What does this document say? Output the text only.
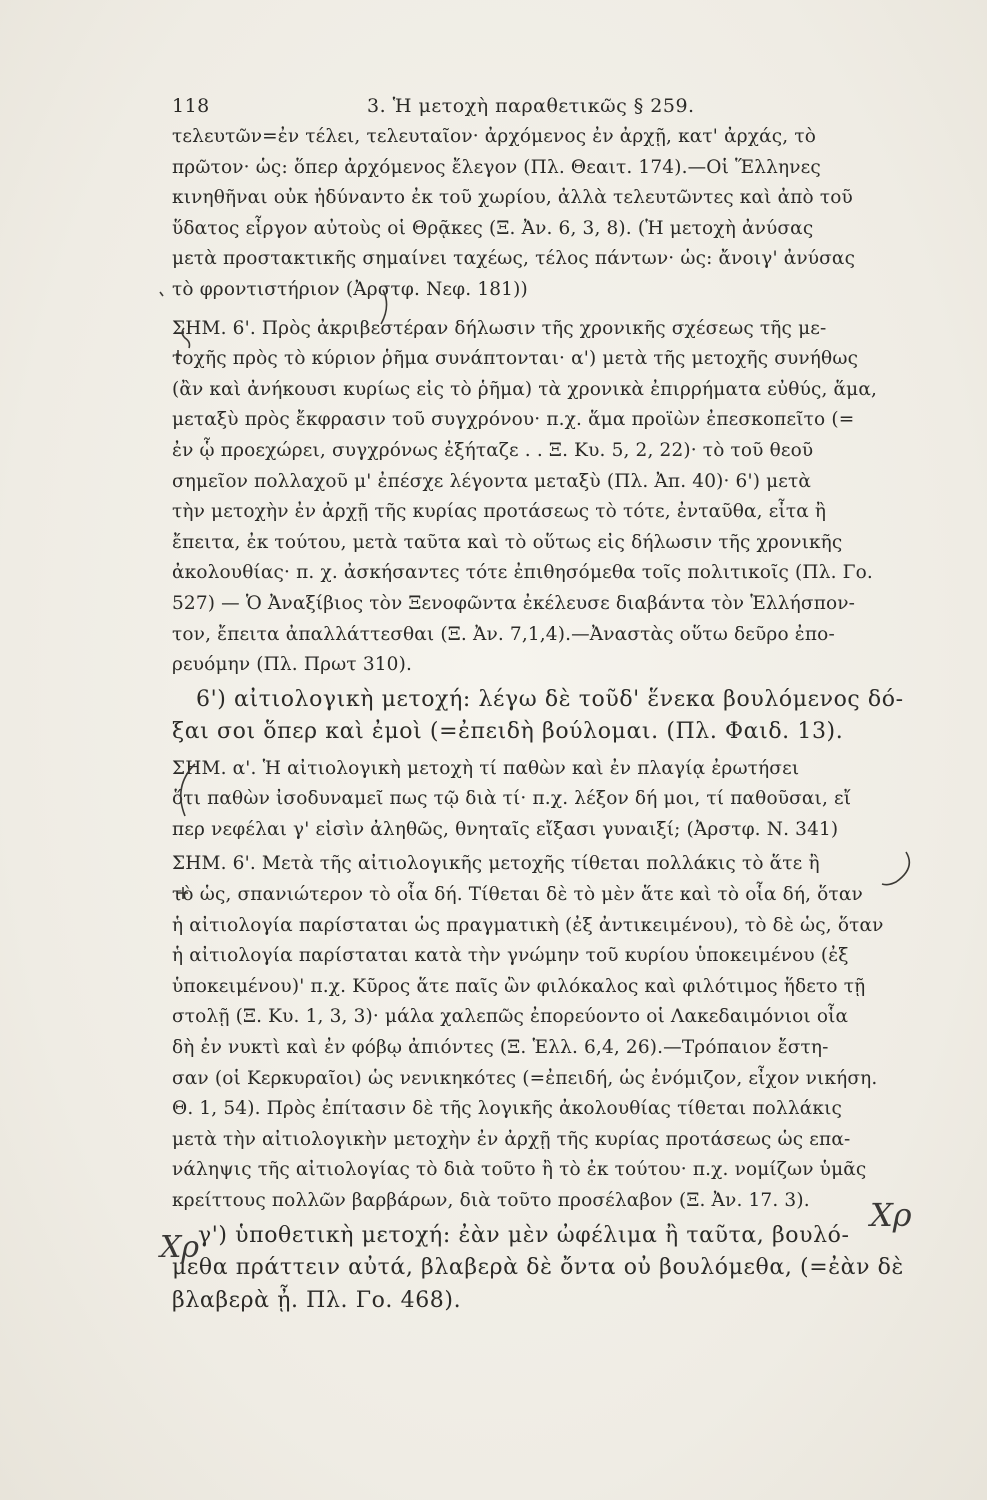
118	3. Ἡ μετοχὴ παραθετικῶς § 259.
τελευτῶν=ἐν τέλει, τελευταῖον· ἀρχόμενος ἐν ἀρχῇ, κατ' ἀρχάς, τὸ
πρῶτον· ὡς: ὅπερ ἀρχόμενος ἔλεγον (Πλ. Θεαιτ. 174).—Οἱ Ἕλληνες
κινηθῆναι οὐκ ἠδύναντο ἐκ τοῦ χωρίου, ἀλλὰ τελευτῶντες καὶ ἀπὸ τοῦ
ὕδατος εἶργον αὐτοὺς οἱ Θρᾷκες (Ξ. Ἀν. 6, 3, 8). (Ἡ μετοχὴ ἀνύσας
μετὰ προστακτικῆς σημαίνει ταχέως, τέλος πάντων· ὡς: ἄνοιγ' ἀνύσας
τὸ φροντιστήριον (Ἀρστφ. Νεφ. 181))
ΣΗΜ. 6'. Πρὸς ἀκριβεστέραν δήλωσιν τῆς χρονικῆς σχέσεως τῆς με-
τοχῆς πρὸς τὸ κύριον ῥῆμα συνάπτονται· α') μετὰ τῆς μετοχῆς συνήθως
(ἂν καὶ ἀνήκουσι κυρίως εἰς τὸ ῥῆμα) τὰ χρονικὰ ἐπιρρήματα εὐθύς, ἅμα,
μεταξὺ πρὸς ἔκφρασιν τοῦ συγχρόνου· π.χ. ἅμα προϊὼν ἐπεσκοπεῖτο (=
ἐν ᾧ προεχώρει, συγχρόνως ἐξήταζε . . Ξ. Κυ. 5, 2, 22)· τὸ τοῦ θεοῦ
σημεῖον πολλαχοῦ μ' ἐπέσχε λέγοντα μεταξὺ (Πλ. Ἀπ. 40)· 6') μετὰ
τὴν μετοχὴν ἐν ἀρχῇ τῆς κυρίας προτάσεως τὸ τότε, ἐνταῦθα, εἶτα ἢ
ἔπειτα, ἐκ τούτου, μετὰ ταῦτα καὶ τὸ οὕτως εἰς δήλωσιν τῆς χρονικῆς
ἀκολουθίας· π. χ. ἀσκήσαντες τότε ἐπιθησόμεθα τοῖς πολιτικοῖς (Πλ. Γο.
527) — Ὁ Ἀναξίβιος τὸν Ξενοφῶντα ἐκέλευσε διαβάντα τὸν Ἑλλήσπον-
τον, ἔπειτα ἀπαλλάττεσθαι (Ξ. Ἀν. 7,1,4).—Ἀναστὰς οὕτω δεῦρο ἐπο-
ρευόμην (Πλ. Πρωτ 310).
6') αἰτιολογικὴ μετοχή: λέγω δὲ τοῦδ' ἕνεκα βουλόμενος δό-
ξαι σοι ὅπερ καὶ ἐμοὶ (=ἐπειδὴ βούλομαι. (Πλ. Φαιδ. 13).
ΣΗΜ. α'. Ἡ αἰτιολογικὴ μετοχὴ τί παθὼν καὶ ἐν πλαγίᾳ ἐρωτήσει
ὅτι παθὼν ἰσοδυναμεῖ πως τῷ διὰ τί· π.χ. λέξον δή μοι, τί παθοῦσαι, εἴ
περ νεφέλαι γ' εἰσὶν ἀληθῶς, θνηταῖς εἴξασι γυναιξί; (Ἀρστφ. Ν. 341)
ΣΗΜ. 6'. Μετὰ τῆς αἰτιολογικῆς μετοχῆς τίθεται πολλάκις τὸ ἅτε ἢ
τὸ ὡς, σπανιώτερον τὸ οἷα δή. Τίθεται δὲ τὸ μὲν ἅτε καὶ τὸ οἷα δή, ὅταν
ἡ αἰτιολογία παρίσταται ὡς πραγματικὴ (ἐξ ἀντικειμένου), τὸ δὲ ὡς, ὅταν
ἡ αἰτιολογία παρίσταται κατὰ τὴν γνώμην τοῦ κυρίου ὑποκειμένου (ἐξ
ὑποκειμένου)' π.χ. Κῦρος ἅτε παῖς ὢν φιλόκαλος καὶ φιλότιμος ἥδετο τῇ
στολῇ (Ξ. Κυ. 1, 3, 3)· μάλα χαλεπῶς ἐπορεύοντο οἱ Λακεδαιμόνιοι οἷα
δὴ ἐν νυκτὶ καὶ ἐν φόβῳ ἀπιόντες (Ξ. Ἑλλ. 6,4, 26).—Τρόπαιον ἔστη-
σαν (οἱ Κερκυραῖοι) ὡς νενικηκότες (=ἐπειδή, ὡς ἐνόμιζον, εἶχον νικήση.
Θ. 1, 54). Πρὸς ἐπίτασιν δὲ τῆς λογικῆς ἀκολουθίας τίθεται πολλάκις
μετὰ τὴν αἰτιολογικὴν μετοχὴν ἐν ἀρχῇ τῆς κυρίας προτάσεως ὡς επα-
νάληψις τῆς αἰτιολογίας τὸ διὰ τοῦτο ἢ τὸ ἐκ τούτου· π.χ. νομίζων ὑμᾶς
κρείττους πολλῶν βαρβάρων, διὰ τοῦτο προσέλαβον (Ξ. Ἀν. 17. 3).
γ') ὑποθετικὴ μετοχή: ἐὰν μὲν ὠφέλιμα ἢ ταῦτα, βουλό-
μεθα πράττειν αὐτά, βλαβερὰ δὲ ὄντα οὐ βουλόμεθα, (=ἐὰν δὲ
βλαβερὰ ᾖ. Πλ. Γο. 468).
Χρ
Χρ
